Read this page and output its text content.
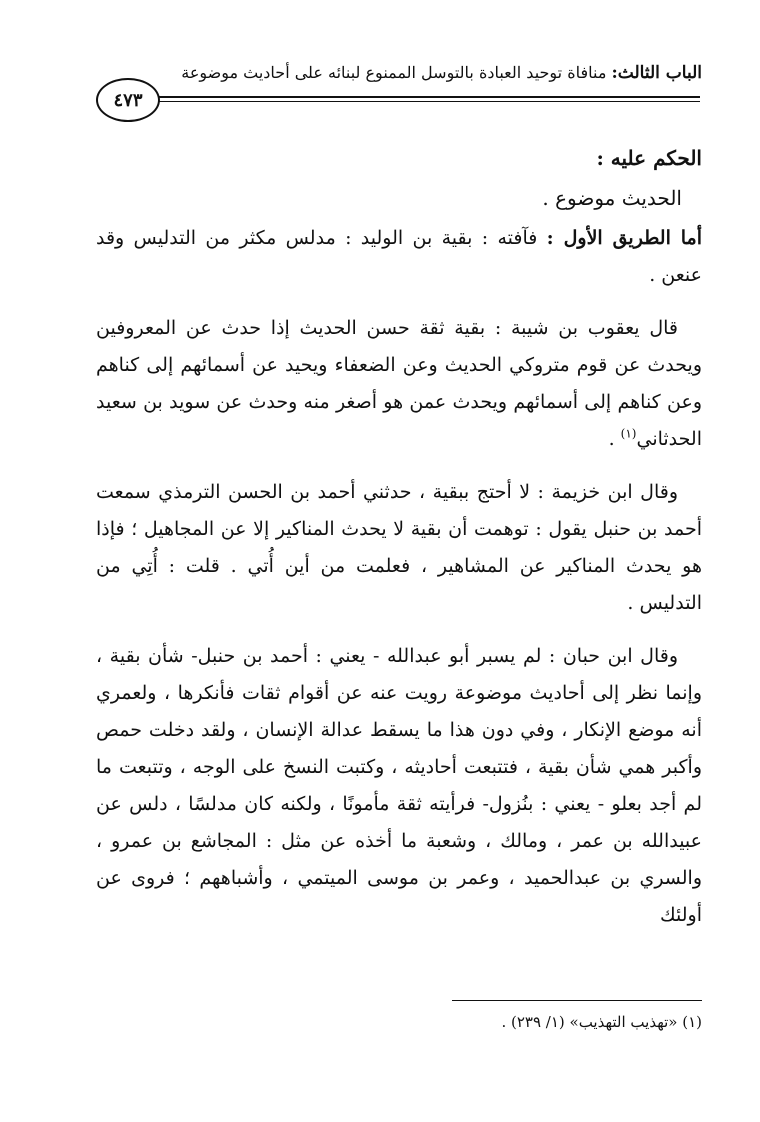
الباب الثالث: منافاة توحيد العبادة بالتوسل الممنوع لبنائه على أحاديث موضوعة
٤٧٣

الحكم عليه :

الحديث موضوع .

أما الطريق الأول : فآفته : بقية بن الوليد : مدلس مكثر من التدليس وقد عنعن .

قال يعقوب بن شيبة : بقية ثقة حسن الحديث إذا حدث عن المعروفين ويحدث عن قوم متروكي الحديث وعن الضعفاء ويحيد عن أسمائهم إلى كناهم وعن كناهم إلى أسمائهم ويحدث عمن هو أصغر منه وحدث عن سويد بن سعيد الحدثاني$^{(١)}$ .

وقال ابن خزيمة : لا أحتج ببقية ، حدثني أحمد بن الحسن الترمذي سمعت أحمد بن حنبل يقول : توهمت أن بقية لا يحدث المناكير إلا عن المجاهيل ؛ فإذا هو يحدث المناكير عن المشاهير ، فعلمت من أين أُتي . قلت : أُتِي من التدليس .

وقال ابن حبان : لم يسبر أبو عبدالله - يعني : أحمد بن حنبل- شأن بقية ، وإنما نظر إلى أحاديث موضوعة رويت عنه عن أقوام ثقات فأنكرها ، ولعمري أنه موضع الإنكار ، وفي دون هذا ما يسقط عدالة الإنسان ، ولقد دخلت حمص وأكبر همي شأن بقية ، فتتبعت أحاديثه ، وكتبت النسخ على الوجه ، وتتبعت ما لم أجد بعلو - يعني : بنُزول- فرأيته ثقة مأمونًا ، ولكنه كان مدلسًا ، دلس عن عبيدالله بن عمر ، ومالك ، وشعبة ما أخذه عن مثل : المجاشع بن عمرو ، والسري بن عبدالحميد ، وعمر بن موسى الميتمي ، وأشباههم ؛ فروى عن أولئك

(١) «تهذيب التهذيب» (١/ ٢٣٩) .
